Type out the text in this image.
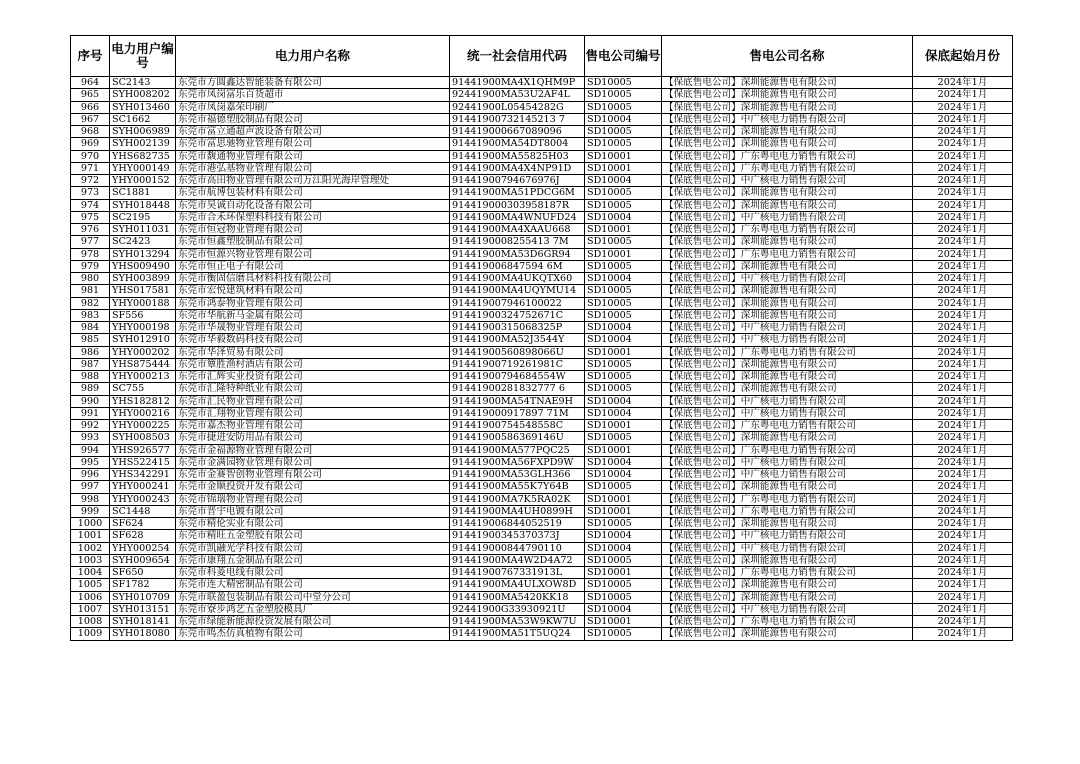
序号	电力用户编号	电力用户名称	统一社会信用代码	售电公司编号	售电公司名称	保底起始月份
964	SC2143	东莞市方圆鑫达智能装备有限公司	91441900MA4X1QHM9P	SD10005	【保底售电公司】深圳能源售电有限公司	2024年1月
965	SYH008202	东莞市凤岗富乐百货超市	92441900MA53U2AF4L	SD10005	【保底售电公司】深圳能源售电有限公司	2024年1月
966	SYH013460	东莞市凤岗嘉荣印刷厂	92441900L05454282G	SD10005	【保底售电公司】深圳能源售电有限公司	2024年1月
967	SC1662	东莞市福德塑胶制品有限公司	91441900732145213 7	SD10004	【保底售电公司】中广核电力销售有限公司	2024年1月
968	SYH006989	东莞市富立通超声波设备有限公司	914419000667089096	SD10005	【保底售电公司】深圳能源售电有限公司	2024年1月
969	SYH002139	东莞市富思驰物业管理有限公司	91441900MA54DT8004	SD10005	【保底售电公司】深圳能源售电有限公司	2024年1月
970	YHS682735	东莞市馥通物业管理有限公司	91441900MA55825H03	SD10001	【保底售电公司】广东粤电电力销售有限公司	2024年1月
971	YHY000149	东莞市港弘基物业管理有限公司	91441900MA4X4NP91D	SD10001	【保底售电公司】广东粤电电力销售有限公司	2024年1月
972	YHY000152	东莞市高田物业管理有限公司万江阳光海岸管理处	91441900794676976J	SD10004	【保底售电公司】中广核电力销售有限公司	2024年1月
973	SC1881	东莞市航博包装材料有限公司	91441900MA51PDCG6M	SD10005	【保底售电公司】深圳能源售电有限公司	2024年1月
974	SYH018448	东莞市昊诚自动化设备有限公司	914419000303958187R	SD10005	【保底售电公司】深圳能源售电有限公司	2024年1月
975	SC2195	东莞市合禾环保塑料科技有限公司	91441900MA4WNUFD24	SD10004	【保底售电公司】中广核电力销售有限公司	2024年1月
976	SYH011031	东莞市恒冠物业管理有限公司	91441900MA4XAAU668	SD10001	【保底售电公司】广东粤电电力销售有限公司	2024年1月
977	SC2423	东莞市恒鑫塑胶制品有限公司	9144190008255413 7M	SD10005	【保底售电公司】深圳能源售电有限公司	2024年1月
978	SYH013294	东莞市恒源兴物业管理有限公司	91441900MA53D6GR94	SD10001	【保底售电公司】广东粤电电力销售有限公司	2024年1月
979	YHS009490	东莞市恒正电子有限公司	914419006847594 6M	SD10005	【保底售电公司】深圳能源售电有限公司	2024年1月
980	SYH003899	东莞市衡固信磨具材料科技有限公司	91441900MA4UKQTX60	SD10004	【保底售电公司】中广核电力销售有限公司	2024年1月
981	YHS017581	东莞市宏悦建筑材料有限公司	91441900MA4UQYMU14	SD10005	【保底售电公司】深圳能源售电有限公司	2024年1月
982	YHY000188	东莞市鸿泰物业管理有限公司	914419007946100022	SD10005	【保底售电公司】深圳能源售电有限公司	2024年1月
983	SF556	东莞市华航新马金属有限公司	91441900324752671C	SD10005	【保底售电公司】深圳能源售电有限公司	2024年1月
984	YHY000198	东莞市华晟物业管理有限公司	91441900315068325P	SD10004	【保底售电公司】中广核电力销售有限公司	2024年1月
985	SYH012910	东莞市华毅数码科技有限公司	91441900MA52J3544Y	SD10004	【保底售电公司】中广核电力销售有限公司	2024年1月
986	YHY000202	东莞市华泽贸易有限公司	91441900560898066U	SD10001	【保底售电公司】广东粤电电力销售有限公司	2024年1月
987	YHS875444	东莞市簟胜渔村酒店有限公司	91441900719261981C	SD10005	【保底售电公司】深圳能源售电有限公司	2024年1月
988	YHY000213	东莞市汇辉实业投资有限公司	91441900794684554W	SD10005	【保底售电公司】深圳能源售电有限公司	2024年1月
989	SC755	东莞市汇隆特种纸业有限公司	91441900281832777 6	SD10005	【保底售电公司】深圳能源售电有限公司	2024年1月
990	YHS182812	东莞市汇民物业管理有限公司	91441900MA54TNAE9H	SD10004	【保底售电公司】中广核电力销售有限公司	2024年1月
991	YHY000216	东莞市汇翔物业管理有限公司	914419000917897 71M	SD10004	【保底售电公司】中广核电力销售有限公司	2024年1月
992	YHY000225	东莞市嘉杰物业管理有限公司	91441900754548558C	SD10001	【保底售电公司】广东粤电电力销售有限公司	2024年1月
993	SYH008503	东莞市捷进安防用品有限公司	91441900586369146U	SD10005	【保底售电公司】深圳能源售电有限公司	2024年1月
994	YHS926577	东莞市金福源物业管理有限公司	91441900MA577PQC25	SD10001	【保底售电公司】广东粤电电力销售有限公司	2024年1月
995	YHS522415	东莞市金满园物业管理有限公司	91441900MA56FXPD9W	SD10004	【保底售电公司】中广核电力销售有限公司	2024年1月
996	YHS342291	东莞市金赛智创物业管理有限公司	91441900MA53GLH366	SD10004	【保底售电公司】中广核电力销售有限公司	2024年1月
997	YHY000241	东莞市金顺投资开发有限公司	91441900MA55K7Y64B	SD10005	【保底售电公司】深圳能源售电有限公司	2024年1月
998	YHY000243	东莞市锦瑞物业管理有限公司	91441900MA7K5RA02K	SD10001	【保底售电公司】广东粤电电力销售有限公司	2024年1月
999	SC1448	东莞市晋宇电镀有限公司	91441900MA4UH0899H	SD10001	【保底售电公司】广东粤电电力销售有限公司	2024年1月
1000	SF624	东莞市精伦实业有限公司	914419006844052519	SD10005	【保底售电公司】深圳能源售电有限公司	2024年1月
1001	SF628	东莞市精旺五金塑胶有限公司	91441900345370373J	SD10004	【保底售电公司】中广核电力销售有限公司	2024年1月
1002	YHY000254	东莞市凯融光学科技有限公司	914419000844790110	SD10004	【保底售电公司】中广核电力销售有限公司	2024年1月
1003	SYH009654	东莞市康翔五金制品有限公司	91441900MA4W2D4A72	SD10005	【保底售电公司】深圳能源售电有限公司	2024年1月
1004	SF650	东莞市科菱电线有限公司	91441900767331913L	SD10001	【保底售电公司】广东粤电电力销售有限公司	2024年1月
1005	SF1782	东莞市连大精密制品有限公司	91441900MA4ULXOW8D	SD10005	【保底售电公司】深圳能源售电有限公司	2024年1月
1006	SYH010709	东莞市联盈包装制品有限公司中堂分公司	91441900MA5420KK18	SD10005	【保底售电公司】深圳能源售电有限公司	2024年1月
1007	SYH013151	东莞市寮步鸿艺五金塑胶模具厂	92441900G33930921U	SD10004	【保底售电公司】中广核电力销售有限公司	2024年1月
1008	SYH018141	东莞市绿能新能源投资发展有限公司	91441900MA53W9KW7U	SD10001	【保底售电公司】广东粤电电力销售有限公司	2024年1月
1009	SYH018080	东莞市鸣杰仿真植物有限公司	91441900MA51T5UQ24	SD10005	【保底售电公司】深圳能源售电有限公司	2024年1月
